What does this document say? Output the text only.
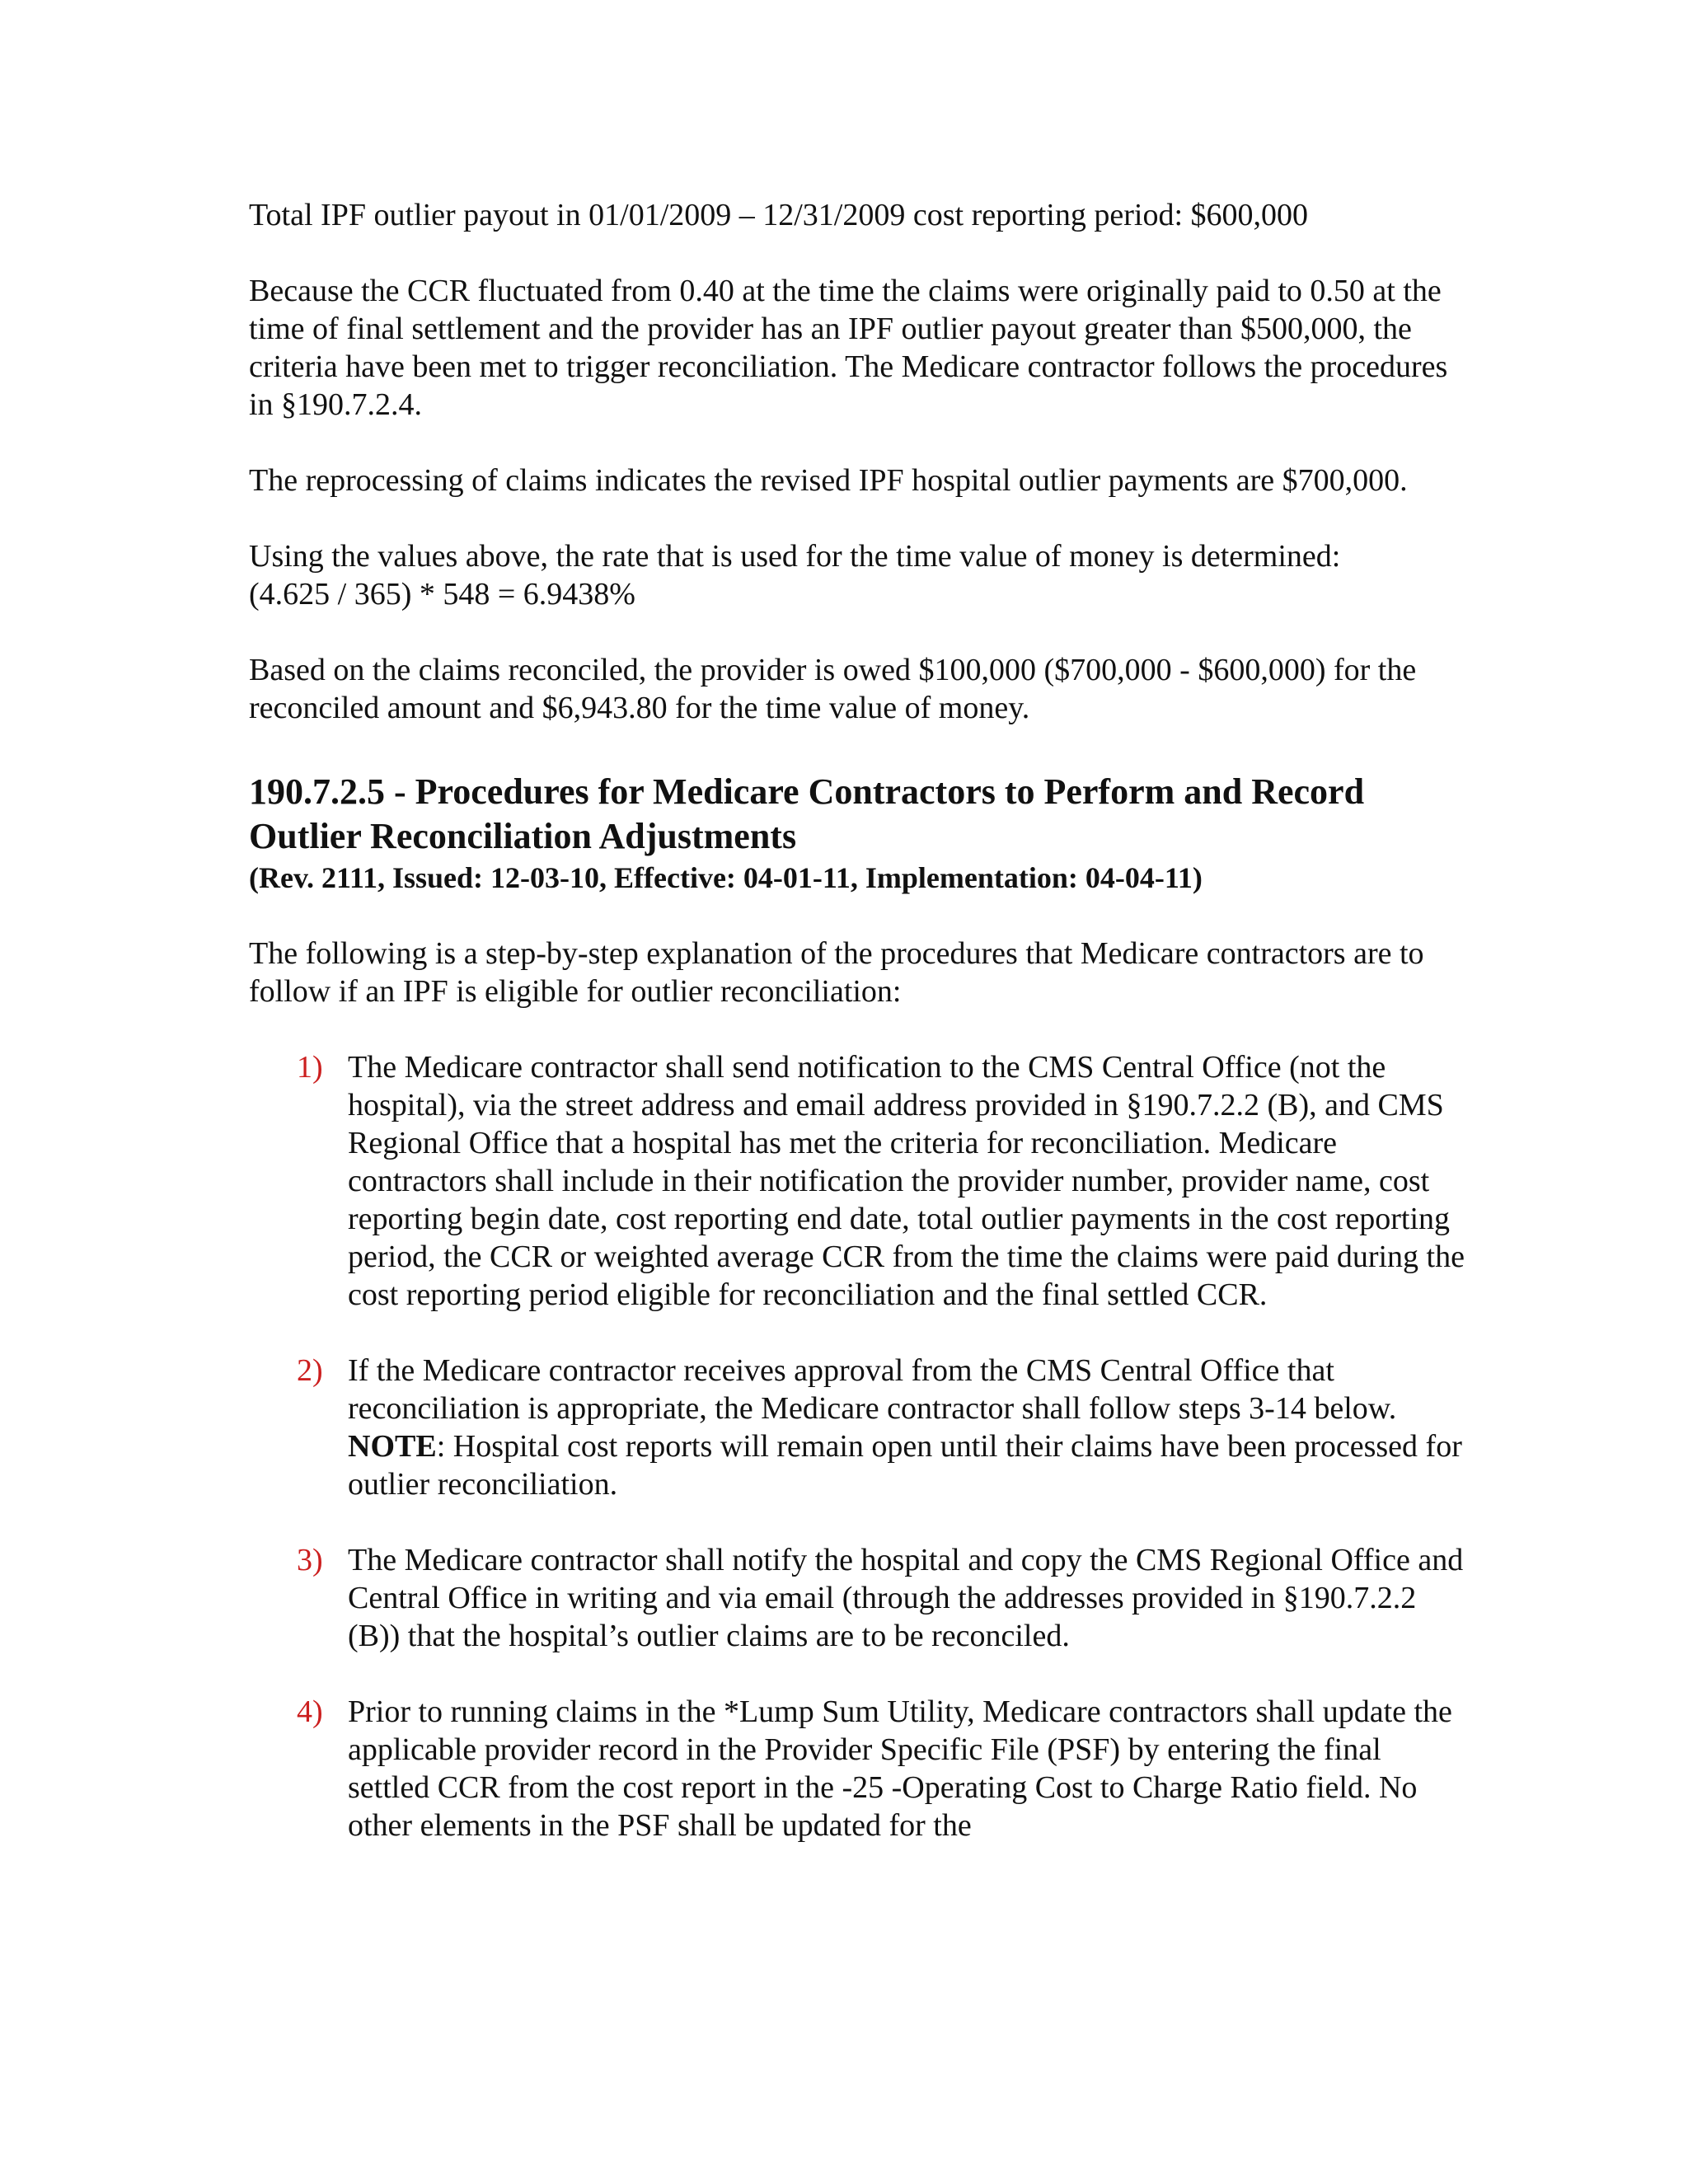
Total IPF outlier payout in 01/01/2009 – 12/31/2009 cost reporting period: $600,000

Because the CCR fluctuated from 0.40 at the time the claims were originally paid to 0.50 at the time of final settlement and the provider has an IPF outlier payout greater than $500,000, the criteria have been met to trigger reconciliation. The Medicare contractor follows the procedures in §190.7.2.4.

The reprocessing of claims indicates the revised IPF hospital outlier payments are $700,000.

Using the values above, the rate that is used for the time value of money is determined:

(4.625 / 365) * 548 = 6.9438%

Based on the claims reconciled, the provider is owed $100,000 ($700,000 - $600,000) for the reconciled amount and $6,943.80 for the time value of money.

190.7.2.5 - Procedures for Medicare Contractors to Perform and Record Outlier Reconciliation Adjustments

(Rev. 2111, Issued: 12-03-10, Effective: 04-01-11, Implementation: 04-04-11)

The following is a step-by-step explanation of the procedures that Medicare contractors are to follow if an IPF is eligible for outlier reconciliation:

1) The Medicare contractor shall send notification to the CMS Central Office (not the hospital), via the street address and email address provided in §190.7.2.2 (B), and CMS Regional Office that a hospital has met the criteria for reconciliation. Medicare contractors shall include in their notification the provider number, provider name, cost reporting begin date, cost reporting end date, total outlier payments in the cost reporting period, the CCR or weighted average CCR from the time the claims were paid during the cost reporting period eligible for reconciliation and the final settled CCR.
2) If the Medicare contractor receives approval from the CMS Central Office that reconciliation is appropriate, the Medicare contractor shall follow steps 3-14 below. NOTE: Hospital cost reports will remain open until their claims have been processed for outlier reconciliation.
3) The Medicare contractor shall notify the hospital and copy the CMS Regional Office and Central Office in writing and via email (through the addresses provided in §190.7.2.2 (B)) that the hospital’s outlier claims are to be reconciled.
4) Prior to running claims in the *Lump Sum Utility, Medicare contractors shall update the applicable provider record in the Provider Specific File (PSF) by entering the final settled CCR from the cost report in the -25 -Operating Cost to Charge Ratio field. No other elements in the PSF shall be updated for the
